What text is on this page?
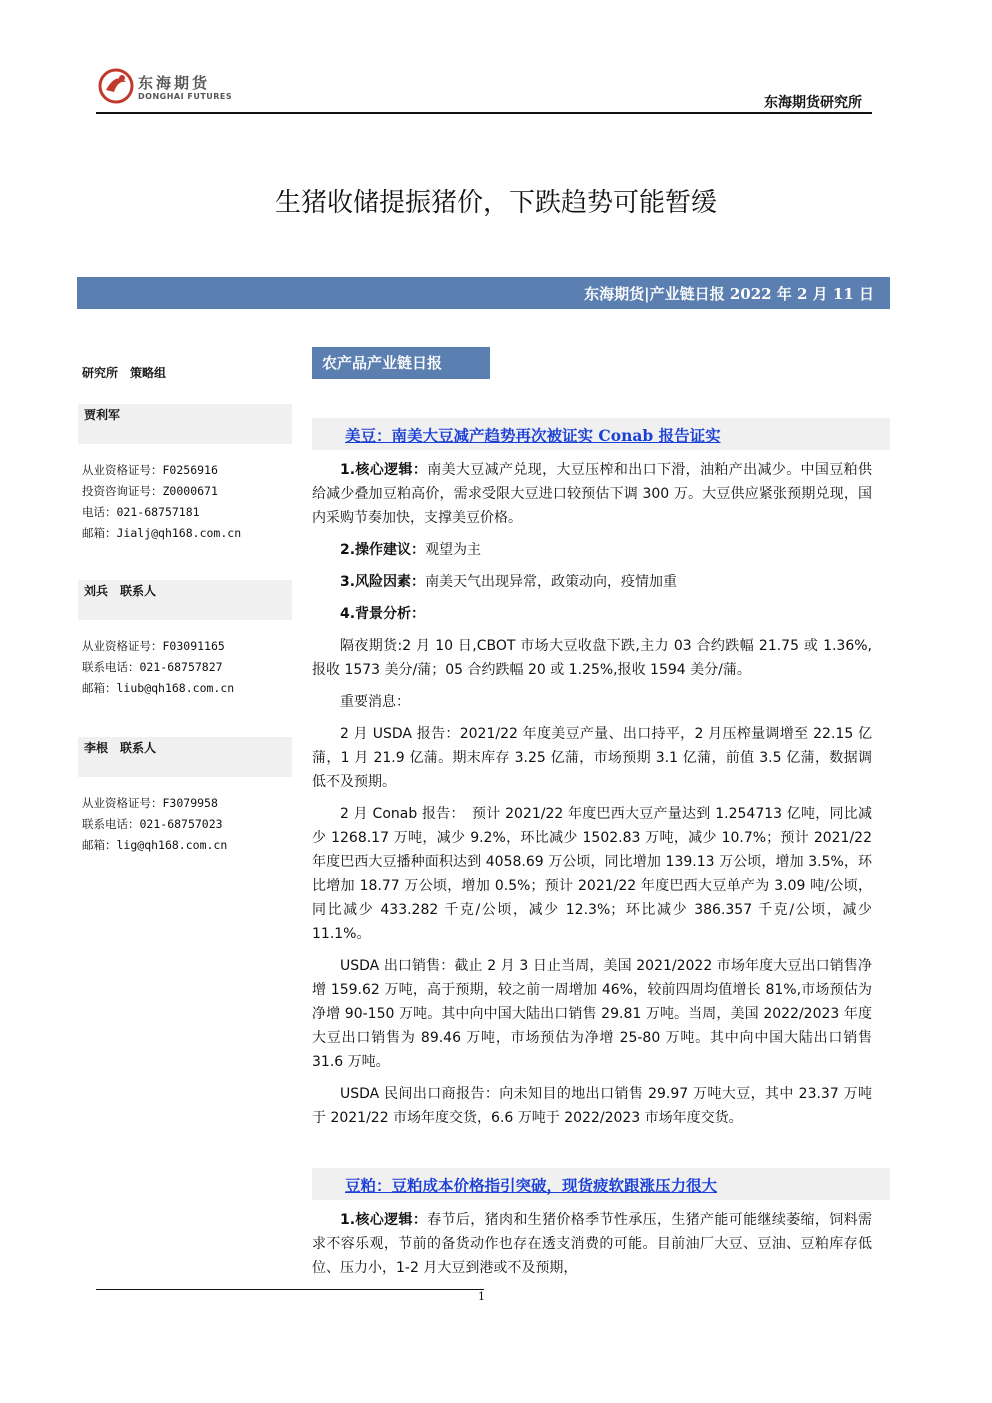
东海期货
DONGHAI FUTURES	东海期货研究所
生猪收储提振猪价，下跌趋势可能暂缓
东海期货|产业链日报 2022 年 2 月 11 日
研究所　策略组
贾利军
从业资格证号：F0256916
投资咨询证号：Z0000671
电话：021-68757181
邮箱：Jialj@qh168.com.cn
刘兵　联系人
从业资格证号：F03091165
联系电话：021-68757827
邮箱：liub@qh168.com.cn
李根　联系人
从业资格证号：F3079958
联系电话：021-68757023
邮箱：lig@qh168.com.cn
农产品产业链日报
美豆：南美大豆减产趋势再次被证实 Conab 报告证实

1.核心逻辑：南美大豆减产兑现，大豆压榨和出口下滑，油粕产出减少。中国豆粕供给减少叠加豆粕高价，需求受限大豆进口较预估下调 300 万。大豆供应紧张预期兑现，国内采购节奏加快，支撑美豆价格。

2.操作建议：观望为主

3.风险因素：南美天气出现异常，政策动向，疫情加重

4.背景分析：

隔夜期货:2 月 10 日,CBOT 市场大豆收盘下跌,主力 03 合约跌幅 21.75 或 1.36%,报收 1573 美分/蒲；05 合约跌幅 20 或 1.25%,报收 1594 美分/蒲。

重要消息：

2 月 USDA 报告：2021/22 年度美豆产量、出口持平，2 月压榨量调增至 22.15 亿蒲，1 月 21.9 亿蒲。期末库存 3.25 亿蒲，市场预期 3.1 亿蒲，前值 3.5 亿蒲，数据调低不及预期。

2 月 Conab 报告：　预计 2021/22 年度巴西大豆产量达到 1.254713 亿吨，同比减少 1268.17 万吨，减少 9.2%，环比减少 1502.83 万吨，减少 10.7%；预计 2021/22 年度巴西大豆播种面积达到 4058.69 万公顷，同比增加 139.13 万公顷，增加 3.5%，环比增加 18.77 万公顷，增加 0.5%；预计 2021/22 年度巴西大豆单产为 3.09 吨/公顷，同比减少 433.282 千克/公顷，减少 12.3%；环比减少 386.357 千克/公顷，减少 11.1%。

USDA 出口销售：截止 2 月 3 日止当周，美国 2021/2022 市场年度大豆出口销售净增 159.62 万吨，高于预期，较之前一周增加 46%，较前四周均值增长 81%,市场预估为净增 90-150 万吨。其中向中国大陆出口销售 29.81 万吨。当周，美国 2022/2023 年度大豆出口销售为 89.46 万吨，市场预估为净增 25-80 万吨。其中向中国大陆出口销售 31.6 万吨。

USDA 民间出口商报告：向未知目的地出口销售 29.97 万吨大豆，其中 23.37 万吨于 2021/22 市场年度交货，6.6 万吨于 2022/2023 市场年度交货。

豆粕：豆粕成本价格指引突破，现货疲软跟涨压力很大

1.核心逻辑：春节后，猪肉和生猪价格季节性承压，生猪产能可能继续萎缩，饲料需求不容乐观，节前的备货动作也存在透支消费的可能。目前油厂大豆、豆油、豆粕库存低位、压力小，1-2 月大豆到港或不及预期，

1
